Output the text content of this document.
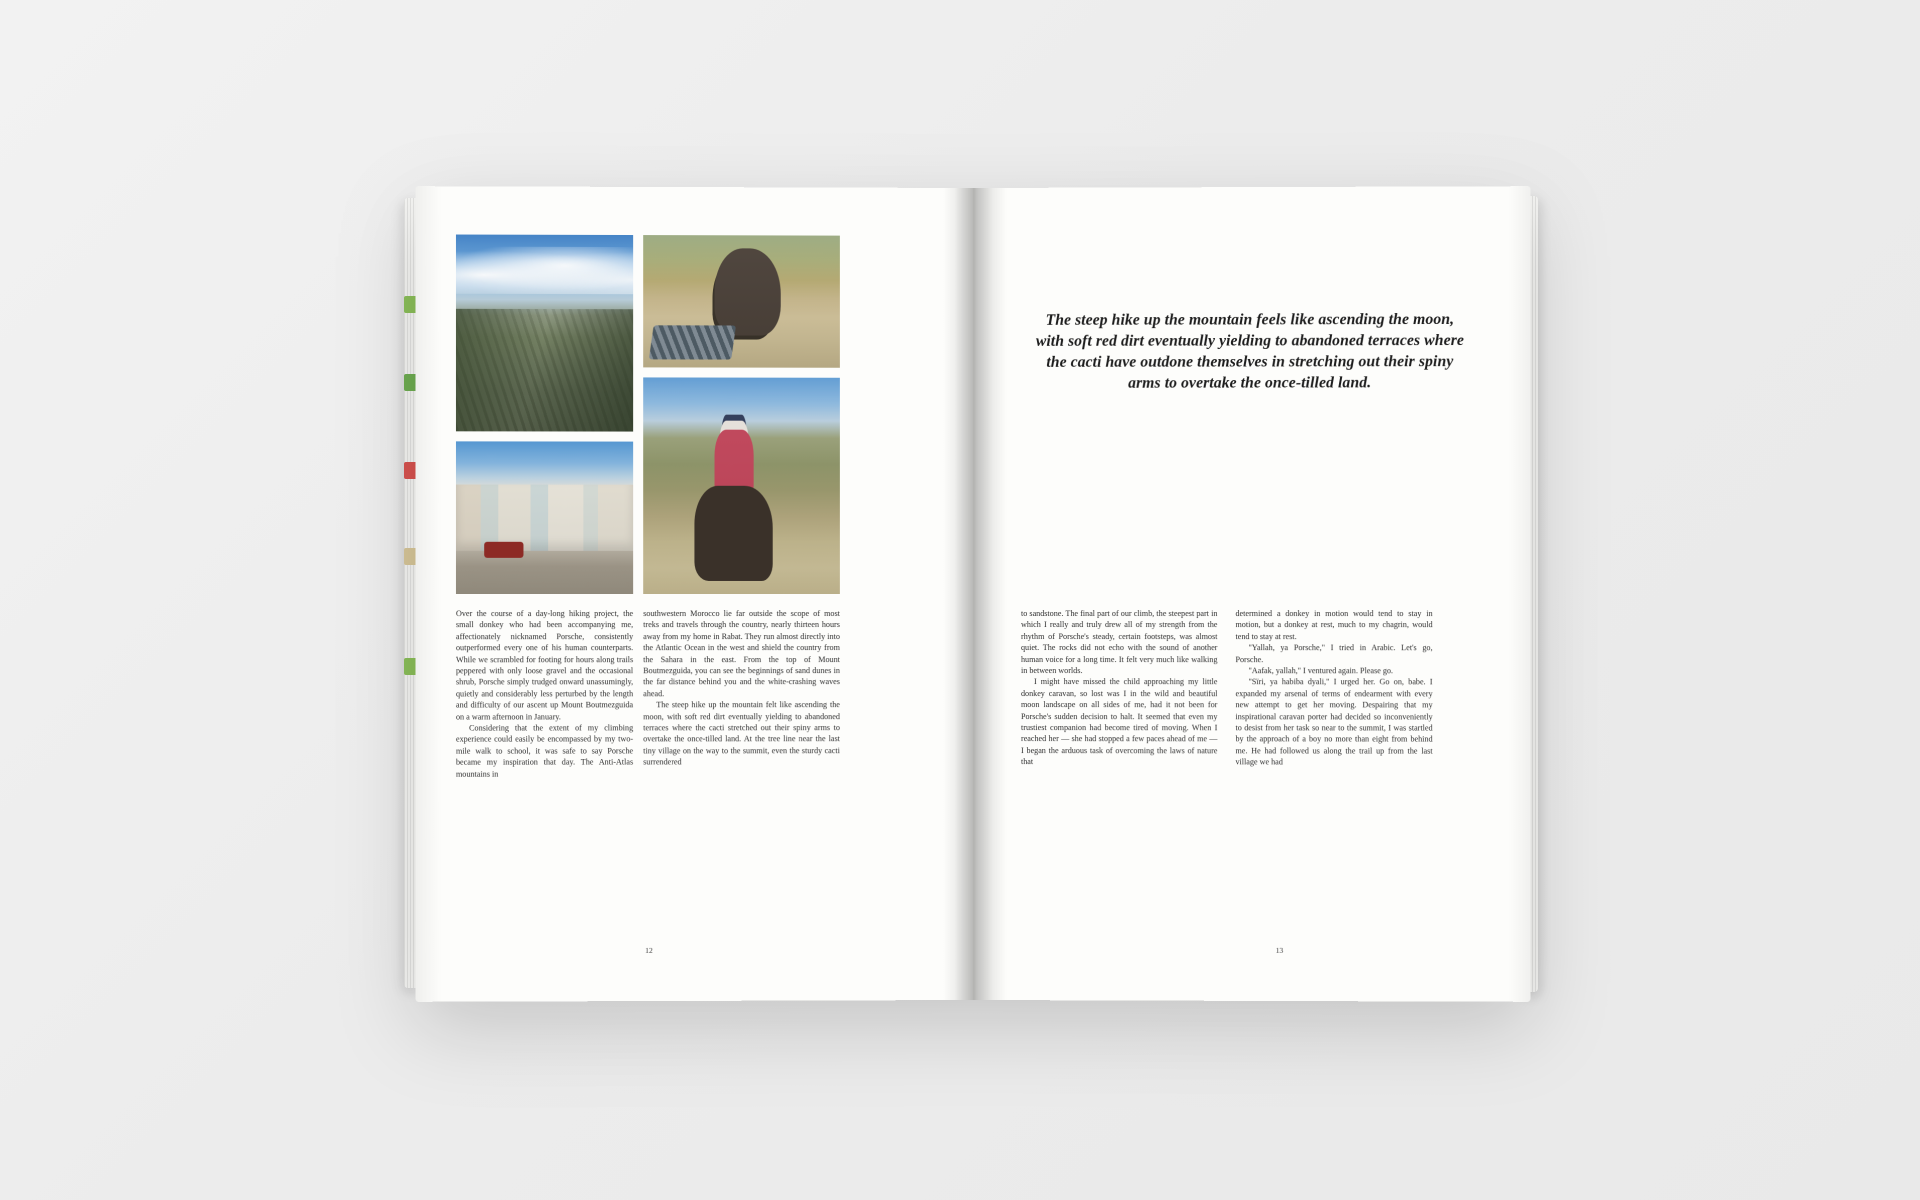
Over the course of a day-long hiking project, the small donkey who had been accompanying me, affectionately nicknamed Porsche, consistently outperformed every one of his human counterparts. While we scrambled for footing for hours along trails peppered with only loose gravel and the occasional shrub, Porsche simply trudged onward unassumingly, quietly and considerably less perturbed by the length and difficulty of our ascent up Mount Boutmezguida on a warm afternoon in January.

Considering that the extent of my climbing experience could easily be encompassed by my two-mile walk to school, it was safe to say Porsche became my inspiration that day. The Anti-Atlas mountains in

southwestern Morocco lie far outside the scope of most treks and travels through the country, nearly thirteen hours away from my home in Rabat. They run almost directly into the Atlantic Ocean in the west and shield the country from the Sahara in the east. From the top of Mount Boutmezguida, you can see the beginnings of sand dunes in the far distance behind you and the white-crashing waves ahead.

The steep hike up the mountain felt like ascending the moon, with soft red dirt eventually yielding to abandoned terraces where the cacti stretched out their spiny arms to overtake the once-tilled land. At the tree line near the last tiny village on the way to the summit, even the sturdy cacti surrendered

12
The steep hike up the mountain feels like ascending the moon, with soft red dirt eventually yielding to abandoned terraces where the cacti have outdone themselves in stretching out their spiny arms to overtake the once-tilled land.

to sandstone. The final part of our climb, the steepest part in which I really and truly drew all of my strength from the rhythm of Porsche's steady, certain footsteps, was almost quiet. The rocks did not echo with the sound of another human voice for a long time. It felt very much like walking in between worlds.

I might have missed the child approaching my little donkey caravan, so lost was I in the wild and beautiful moon landscape on all sides of me, had it not been for Porsche's sudden decision to halt. It seemed that even my trustiest companion had become tired of moving. When I reached her — she had stopped a few paces ahead of me — I began the arduous task of overcoming the laws of nature that

determined a donkey in motion would tend to stay in motion, but a donkey at rest, much to my chagrin, would tend to stay at rest.

"Yallah, ya Porsche," I tried in Arabic. Let's go, Porsche.

"Aafak, yallah," I ventured again. Please go.

"Sïri, ya habiba dyali," I urged her. Go on, babe. I expanded my arsenal of terms of endearment with every new attempt to get her moving. Despairing that my inspirational caravan porter had decided so inconveniently to desist from her task so near to the summit, I was startled by the approach of a boy no more than eight from behind me. He had followed us along the trail up from the last village we had

13
